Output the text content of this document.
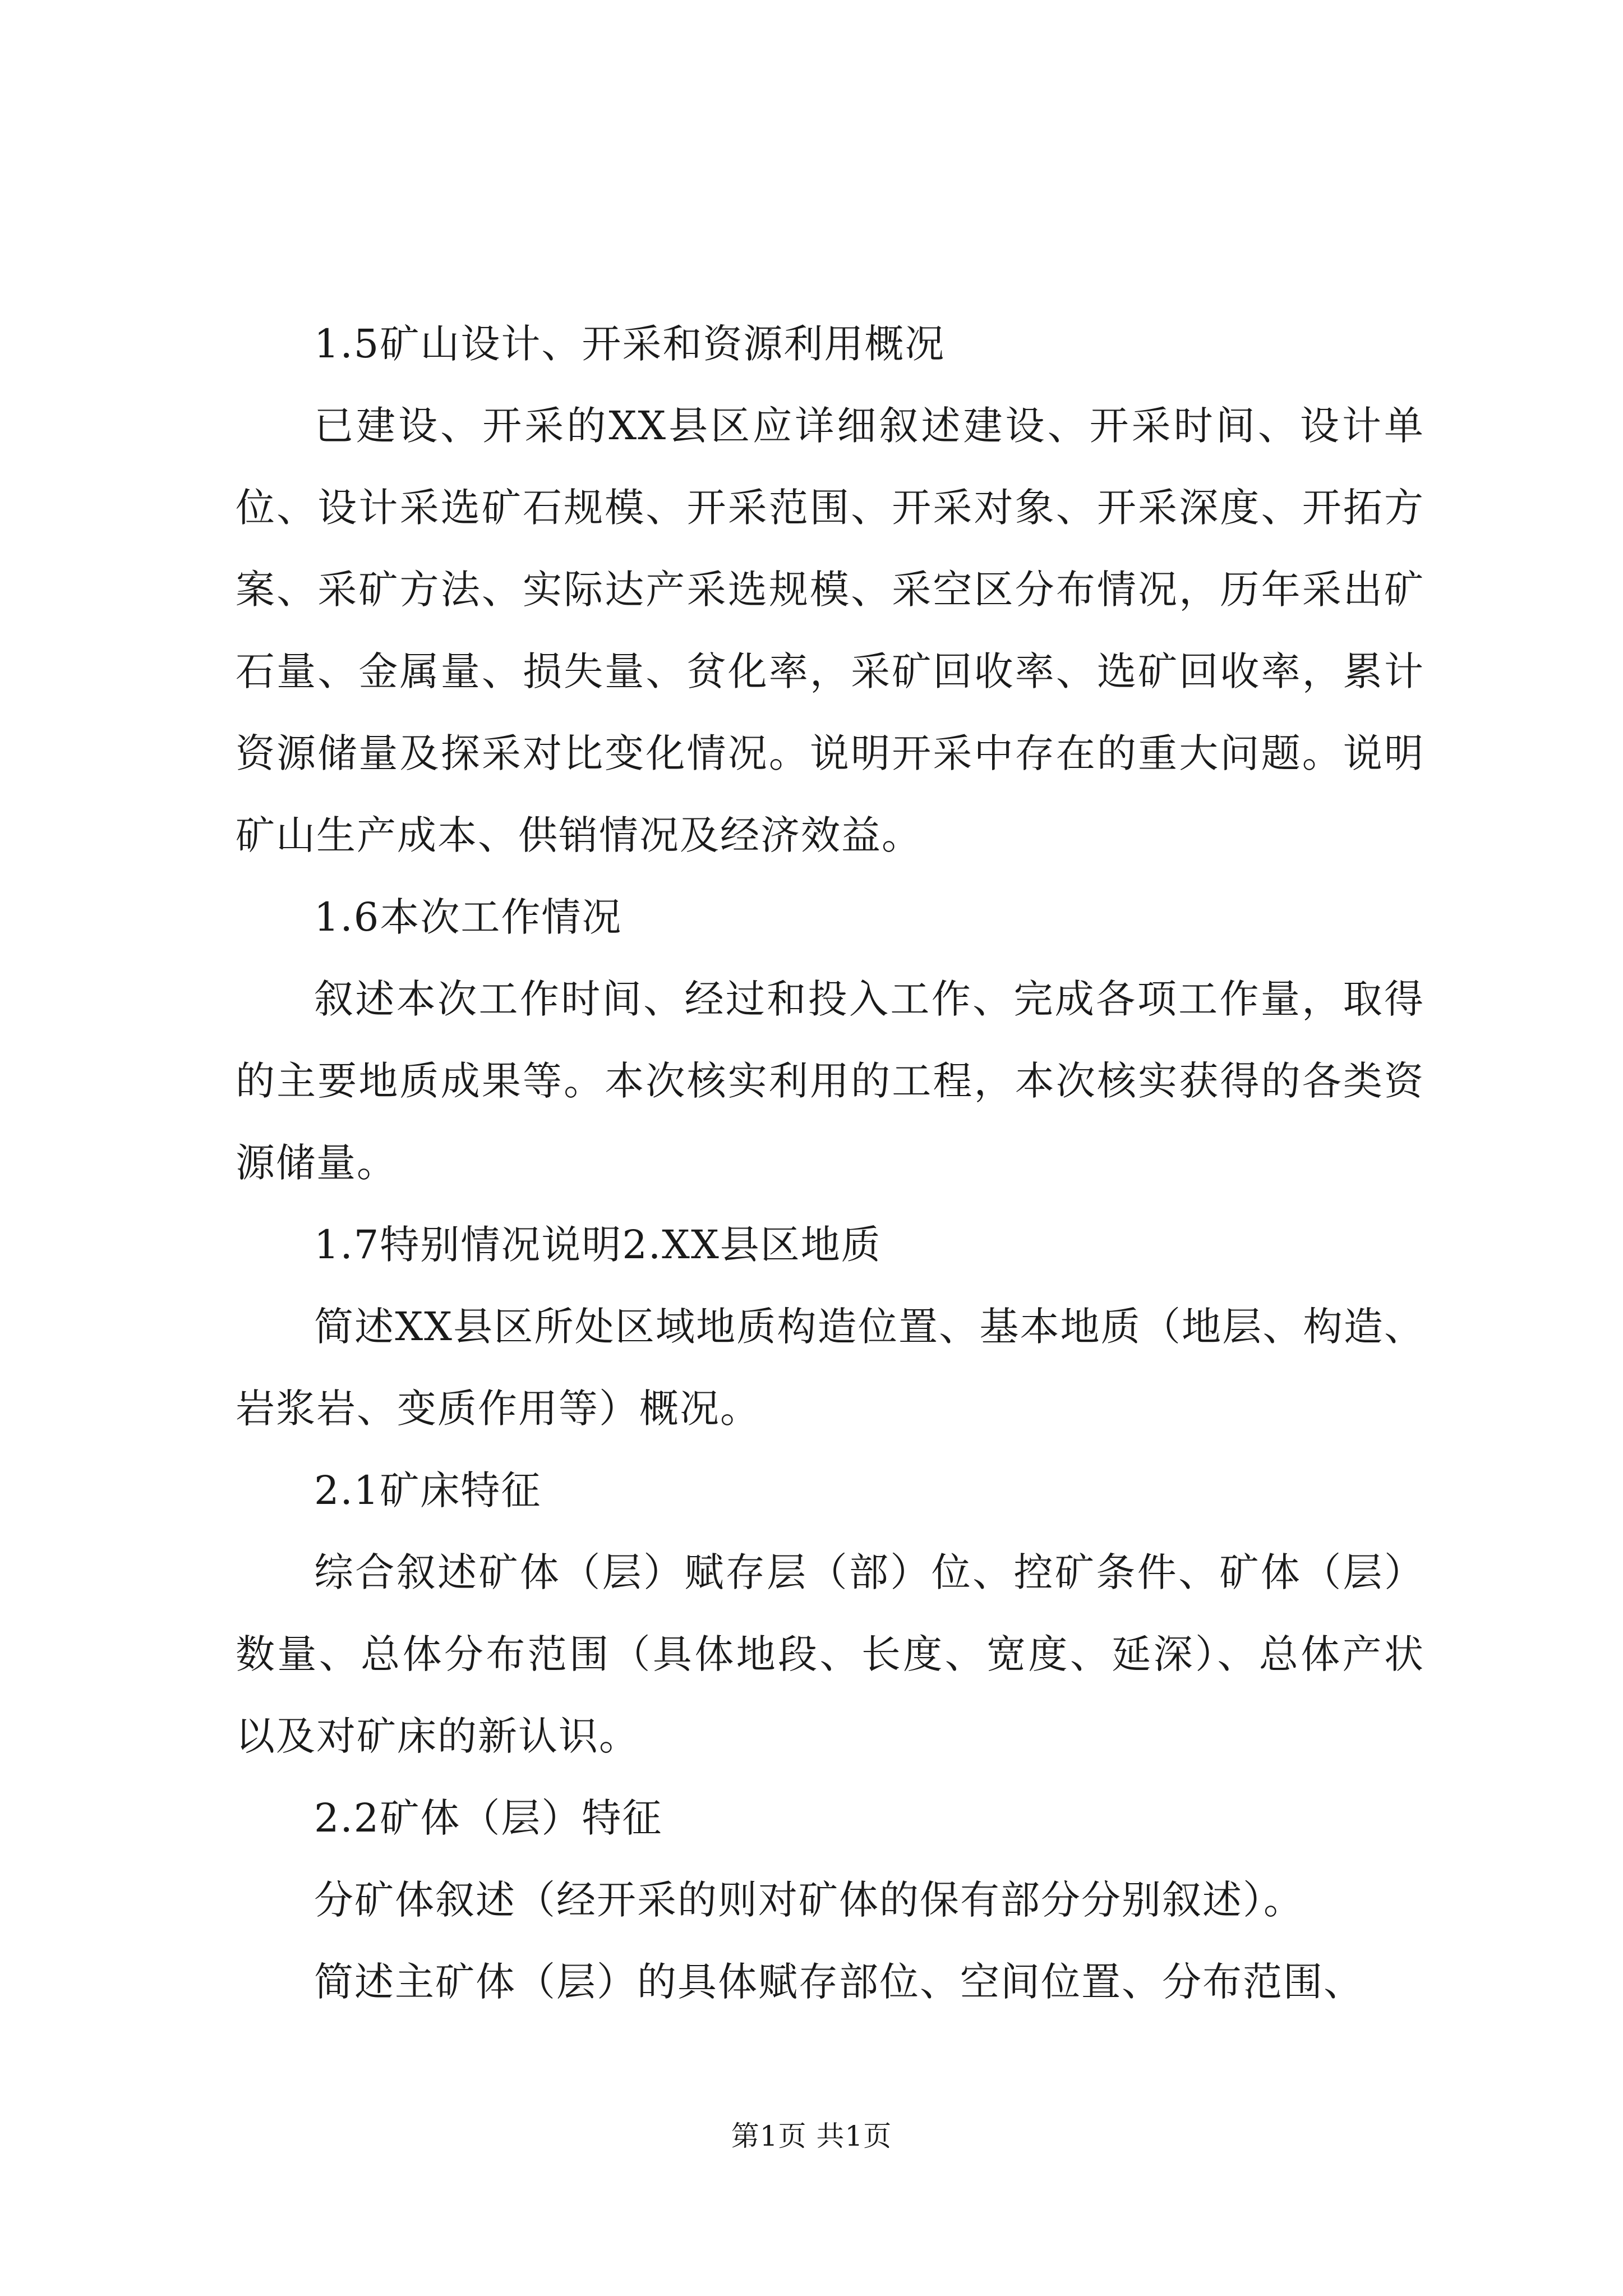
1.5矿山设计、开采和资源利用概况

已建设、开采的XX县区应详细叙述建设、开采时间、设计单位、设计采选矿石规模、开采范围、开采对象、开采深度、开拓方案、采矿方法、实际达产采选规模、采空区分布情况，历年采出矿石量、金属量、损失量、贫化率，采矿回收率、选矿回收率，累计资源储量及探采对比变化情况。说明开采中存在的重大问题。说明矿山生产成本、供销情况及经济效益。

1.6本次工作情况

叙述本次工作时间、经过和投入工作、完成各项工作量，取得的主要地质成果等。本次核实利用的工程，本次核实获得的各类资源储量。

1.7特别情况说明2.XX县区地质

简述XX县区所处区域地质构造位置、基本地质（地层、构造、岩浆岩、变质作用等）概况。

2.1矿床特征

综合叙述矿体（层）赋存层（部）位、控矿条件、矿体（层）数量、总体分布范围（具体地段、长度、宽度、延深）、总体产状以及对矿床的新认识。

2.2矿体（层）特征

分矿体叙述（经开采的则对矿体的保有部分分别叙述）。

简述主矿体（层）的具体赋存部位、空间位置、分布范围、

第1页 共1页
